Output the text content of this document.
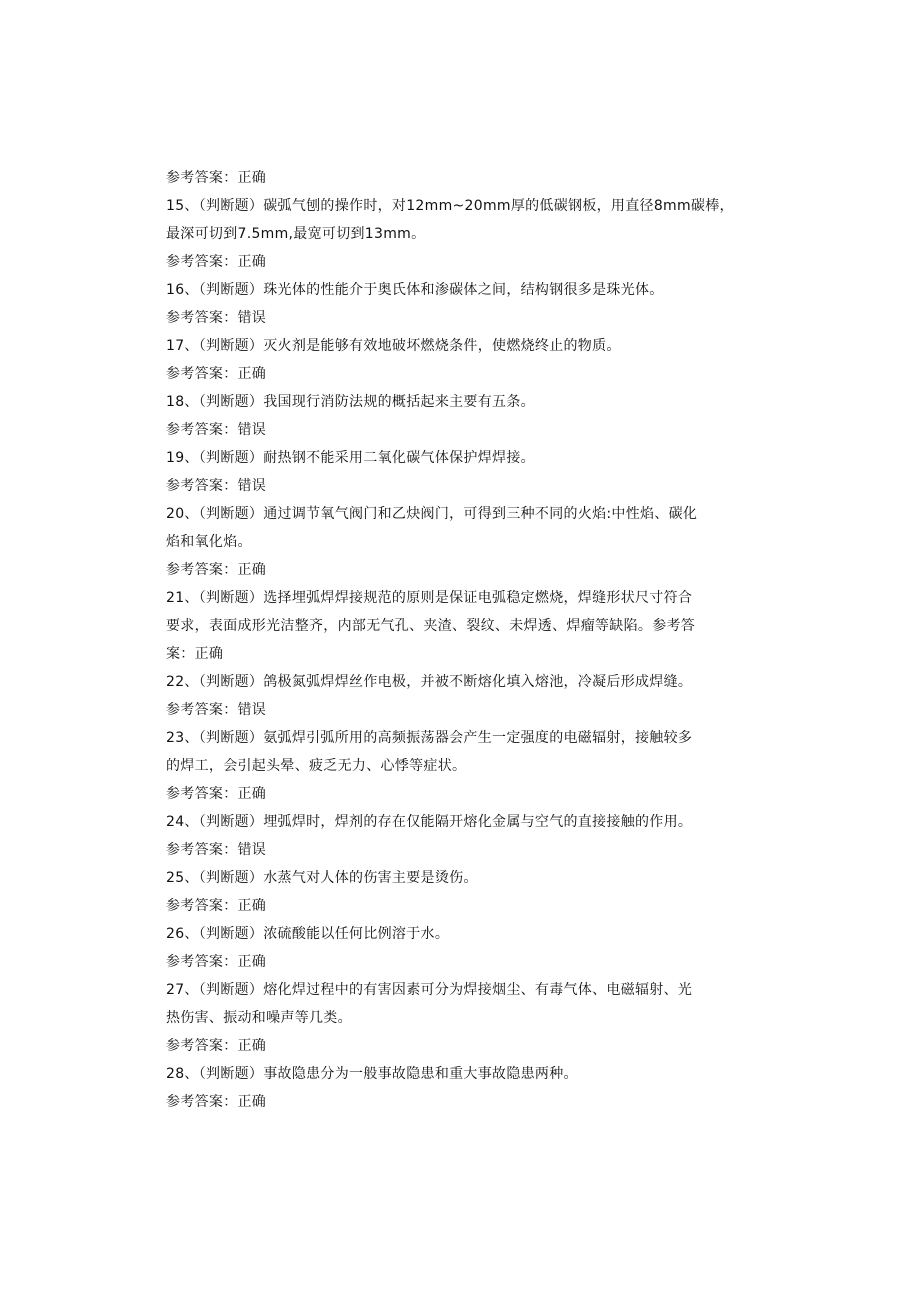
参考答案：正确
15、（判断题）碳弧气刨的操作时，对12mm~20mm厚的低碳钢板，用直径8mm碳棒，
最深可切到7.5mm,最宽可切到13mm。
参考答案：正确
16、（判断题）珠光体的性能介于奥氏体和渗碳体之间，结构钢很多是珠光体。
参考答案：错误
17、（判断题）灭火剂是能够有效地破坏燃烧条件，使燃烧终止的物质。
参考答案：正确
18、（判断题）我国现行消防法规的概括起来主要有五条。
参考答案：错误
19、（判断题）耐热钢不能采用二氧化碳气体保护焊焊接。
参考答案：错误
20、（判断题）通过调节氧气阀门和乙炔阀门，可得到三种不同的火焰:中性焰、碳化
焰和氧化焰。
参考答案：正确
21、（判断题）选择埋弧焊焊接规范的原则是保证电弧稳定燃烧，焊缝形状尺寸符合
要求，表面成形光洁整齐，内部无气孔、夹渣、裂纹、未焊透、焊瘤等缺陷。参考答
案：正确
22、（判断题）鸽极氮弧焊焊丝作电极，并被不断熔化填入熔池，冷凝后形成焊缝。
参考答案：错误
23、（判断题）氨弧焊引弧所用的高频振荡器会产生一定强度的电磁辐射，接触较多
的焊工，会引起头晕、疲乏无力、心悸等症状。
参考答案：正确
24、（判断题）埋弧焊时，焊剂的存在仅能隔开熔化金属与空气的直接接触的作用。
参考答案：错误
25、（判断题）水蒸气对人体的伤害主要是烫伤。
参考答案：正确
26、（判断题）浓硫酸能以任何比例溶于水。
参考答案：正确
27、（判断题）熔化焊过程中的有害因素可分为焊接烟尘、有毒气体、电磁辐射、光
热伤害、振动和噪声等几类。
参考答案：正确
28、（判断题）事故隐患分为一般事故隐患和重大事故隐患两种。
参考答案：正确
